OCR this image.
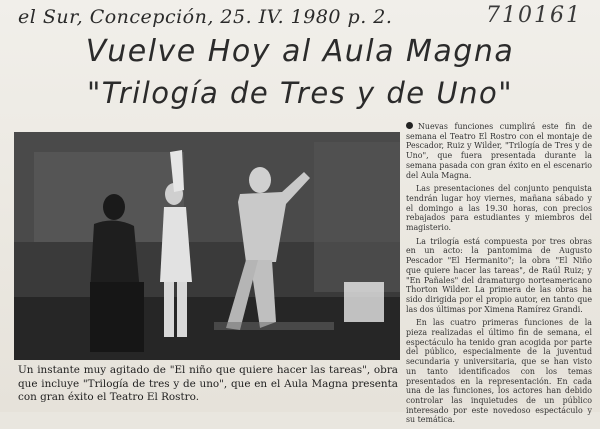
el Sur, Concepción, 25. IV. 1980 p. 2.	710161
Vuelve Hoy al Aula Magna
"Trilogía de Tres y de Uno"
Un instante muy agitado de "El niño que quiere hacer las tareas", obra que incluye "Trilogía de tres y de uno", que en el Aula Magna presenta con gran éxito el Teatro El Rostro.

Nuevas funciones cumplirá este fin de semana el Teatro El Rostro con el montaje de Pescador, Ruiz y Wilder, "Trilogía de Tres y de Uno", que fuera presentada durante la semana pasada con gran éxito en el escenario del Aula Magna.

Las presentaciones del conjunto penquista tendrán lugar hoy viernes, mañana sábado y el domingo a las 19.30 horas, con precios rebajados para estudiantes y miembros del magisterio.

La trilogía está compuesta por tres obras en un acto: la pantomima de Augusto Pescador "El Hermanito"; la obra "El Niño que quiere hacer las tareas", de Raúl Ruiz; y "En Pañales" del dramaturgo norteamericano Thorton Wilder. La primera de las obras ha sido dirigida por el propio autor, en tanto que las dos últimas por Ximena Ramírez Grandi.

En las cuatro primeras funciones de la pieza realizadas el último fin de semana, el espectáculo ha tenido gran acogida por parte del público, especialmente de la juventud secundaria y universitaria, que se han visto un tanto identificados con los temas presentados en la representación. En cada una de las funciones, los actores han debido controlar las inquietudes de un público interesado por este novedoso espectáculo y su temática.
